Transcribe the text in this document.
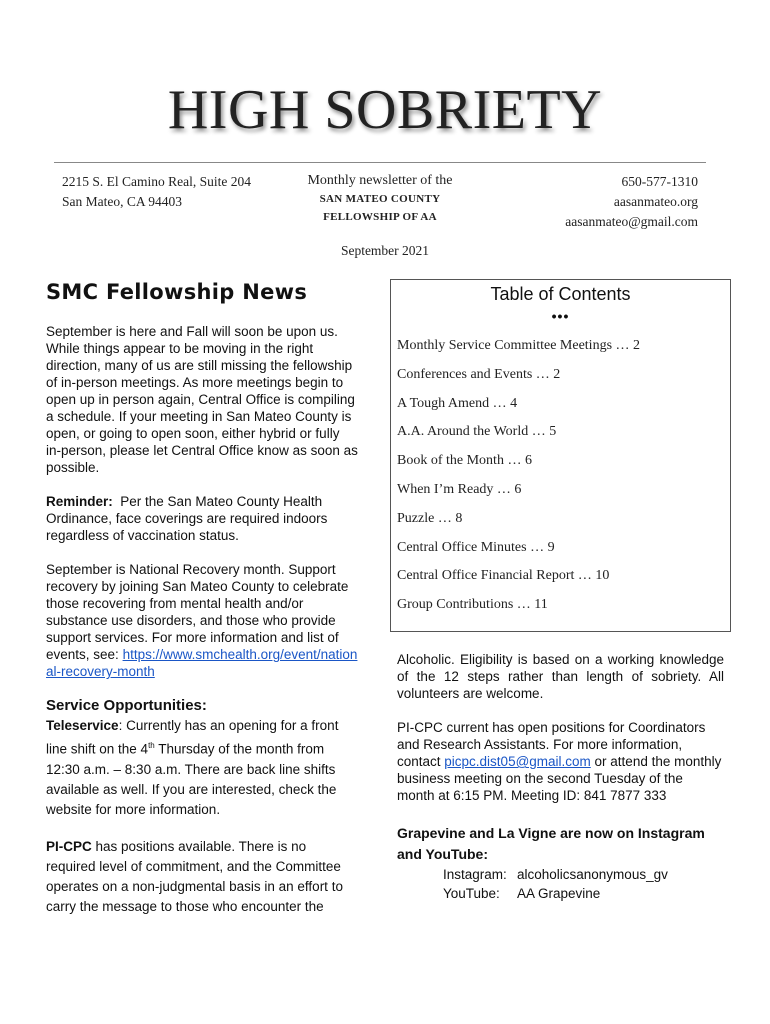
HIGH SOBRIETY
2215 S. El Camino Real, Suite 204
San Mateo, CA 94403
Monthly newsletter of the
SAN MATEO COUNTY
FELLOWSHIP OF AA
650-577-1310
aasanmateo.org
aasanmateo@gmail.com
September 2021
SMC Fellowship News

September is here and Fall will soon be upon us. While things appear to be moving in the right direction, many of us are still missing the fellowship of in-person meetings. As more meetings begin to open up in person again, Central Office is compiling a schedule. If your meeting in San Mateo County is open, or going to open soon, either hybrid or fully in-person, please let Central Office know as soon as possible.

Reminder: Per the San Mateo County Health Ordinance, face coverings are required indoors regardless of vaccination status.

September is National Recovery month. Support recovery by joining San Mateo County to celebrate those recovering from mental health and/or substance use disorders, and those who provide support services. For more information and list of events, see: https://www.smchealth.org/event/national-recovery-month

Service Opportunities:

Teleservice: Currently has an opening for a front line shift on the 4th Thursday of the month from 12:30 a.m. – 8:30 a.m. There are back line shifts available as well. If you are interested, check the website for more information.

PI-CPC has positions available. There is no required level of commitment, and the Committee operates on a non-judgmental basis in an effort to carry the message to those who encounter the

Table of Contents
•••
Monthly Service Committee Meetings … 2
Conferences and Events … 2
A Tough Amend … 4
A.A. Around the World … 5
Book of the Month … 6
When I’m Ready … 6
Puzzle … 8
Central Office Minutes … 9
Central Office Financial Report … 10
Group Contributions … 11

Alcoholic. Eligibility is based on a working knowledge of the 12 steps rather than length of sobriety. All volunteers are welcome.

PI-CPC current has open positions for Coordinators and Research Assistants. For more information, contact picpc.dist05@gmail.com or attend the monthly business meeting on the second Tuesday of the month at 6:15 PM. Meeting ID: 841 7877 333

Grapevine and La Vigne are now on Instagram and YouTube:
Instagram: alcoholicsanonymous_gv
YouTube:	AA Grapevine
